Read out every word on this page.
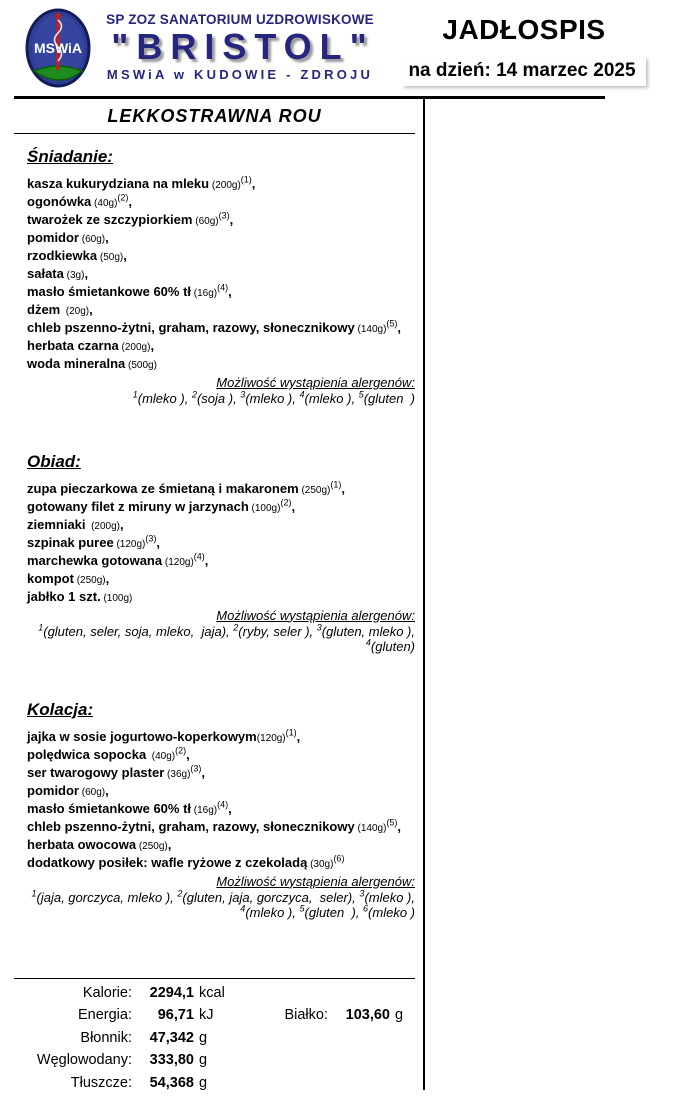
MSWiA
SP ZOZ SANATORIUM UZDROWISKOWE
"BRISTOL"
MSWiA w KUDOWIE - ZDROJU
JADŁOSPIS
na dzień: 14 marzec 2025
LEKKOSTRAWNA ROU
Śniadanie:
kasza kukurydziana na mleku $(200g)^{(1)}$,
ogonówka $(40g)^{(2)}$,
twarożek ze szczypiorkiem $(60g)^{(3)}$,
pomidor (60g),
rzodkiewka (50g),
sałata (3g),
masło śmietankowe 60% tł $(16g)^{(4)}$,
dżem  (20g),
chleb pszenno-żytni, graham, razowy, słonecznikowy $(140g)^{(5)}$,
herbata czarna (200g),
woda mineralna (500g)
Możliwość wystąpienia alergenów:
$^1$(mleko ), $^2$(soja ), $^3$(mleko ), $^4$(mleko ), $^5$(gluten  )
Obiad:
zupa pieczarkowa ze śmietaną i makaronem $(250g)^{(1)}$,
gotowany filet z miruny w jarzynach $(100g)^{(2)}$,
ziemniaki  (200g),
szpinak puree $(120g)^{(3)}$,
marchewka gotowana $(120g)^{(4)}$,
kompot (250g),
jabłko 1 szt. (100g)
Możliwość wystąpienia alergenów:
$^1$(gluten, seler, soja, mleko,  jaja), $^2$(ryby, seler ), $^3$(gluten, mleko ),
$^4$(gluten)
Kolacja:
jajka w sosie jogurtowo-$koperkowym(120g)^{(1)}$,
polędwica sopocka  $(40g)^{(2)}$,
ser twarogowy plaster $(36g)^{(3)}$,
pomidor (60g),
masło śmietankowe 60% tł $(16g)^{(4)}$,
chleb pszenno-żytni, graham, razowy, słonecznikowy $(140g)^{(5)}$,
herbata owocowa (250g),
dodatkowy posiłek: wafle ryżowe z czekoladą $(30g)^{(6)}$
Możliwość wystąpienia alergenów:
$^1$(jaja, gorczyca, mleko ), $^2$(gluten, jaja, gorczyca,  seler), $^3$(mleko ),
$^4$(mleko ), $^5$(gluten  ), $^6$(mleko )
Kalorie: 2294,1 kcal
Energia: 96,71 kJ	Białko: 103,60 g
Błonnik: 47,342 g
Węglowodany: 333,80 g
Tłuszcze: 54,368 g
